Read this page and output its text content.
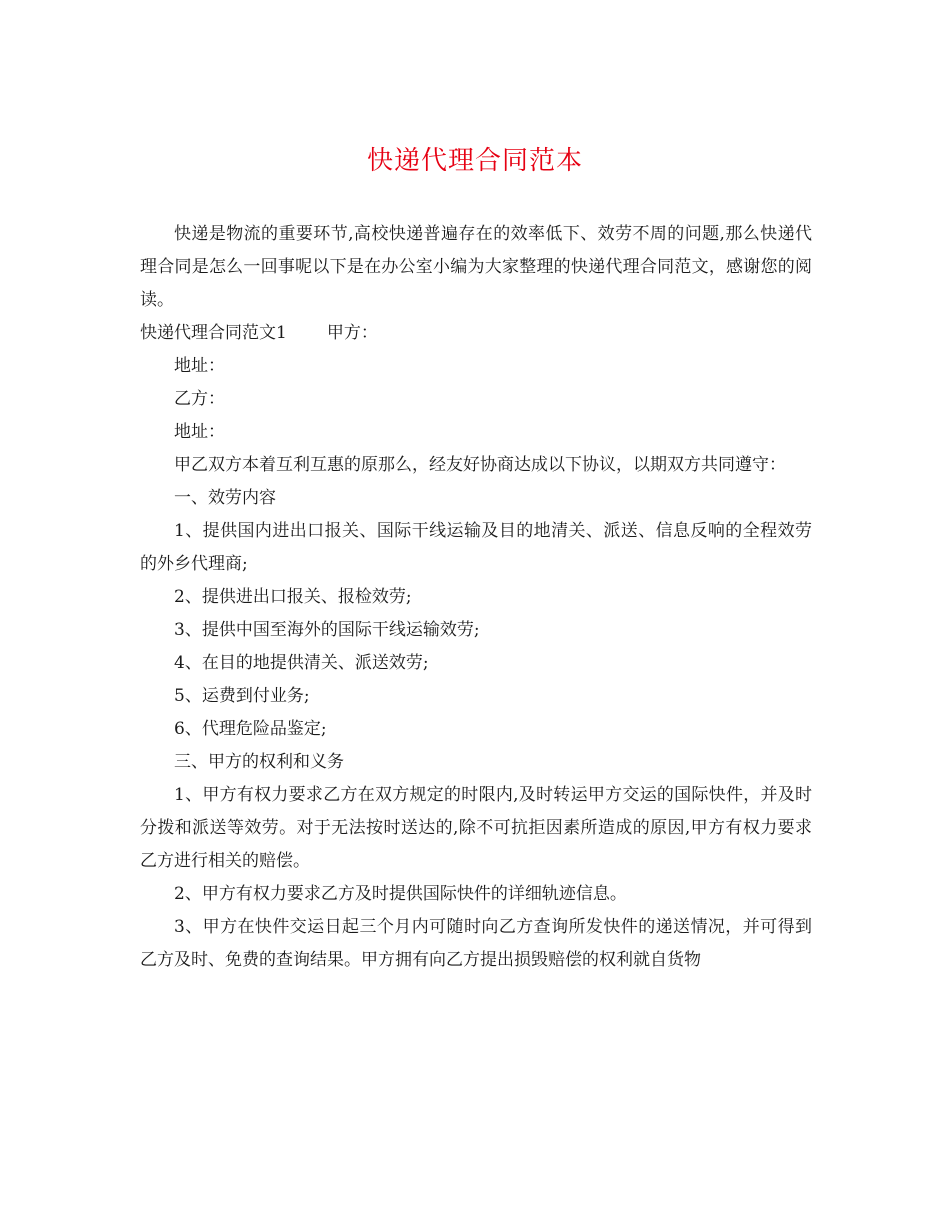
快递代理合同范本

快递是物流的重要环节,高校快递普遍存在的效率低下、效劳不周的问题,那么快递代理合同是怎么一回事呢以下是在办公室小编为大家整理的快递代理合同范文，感谢您的阅读。

快递代理合同范文1 甲方：

地址：

乙方：

地址：

甲乙双方本着互利互惠的原那么，经友好协商达成以下协议，以期双方共同遵守：

一、效劳内容

1、提供国内进出口报关、国际干线运输及目的地清关、派送、信息反响的全程效劳的外乡代理商;

2、提供进出口报关、报检效劳;

3、提供中国至海外的国际干线运输效劳;

4、在目的地提供清关、派送效劳;

5、运费到付业务;

6、代理危险品鉴定;

三、甲方的权利和义务

1、甲方有权力要求乙方在双方规定的时限内,及时转运甲方交运的国际快件，并及时分拨和派送等效劳。对于无法按时送达的,除不可抗拒因素所造成的原因,甲方有权力要求乙方进行相关的赔偿。

2、甲方有权力要求乙方及时提供国际快件的详细轨迹信息。

3、甲方在快件交运日起三个月内可随时向乙方查询所发快件的递送情况，并可得到乙方及时、免费的查询结果。甲方拥有向乙方提出损毁赔偿的权利就自货物
